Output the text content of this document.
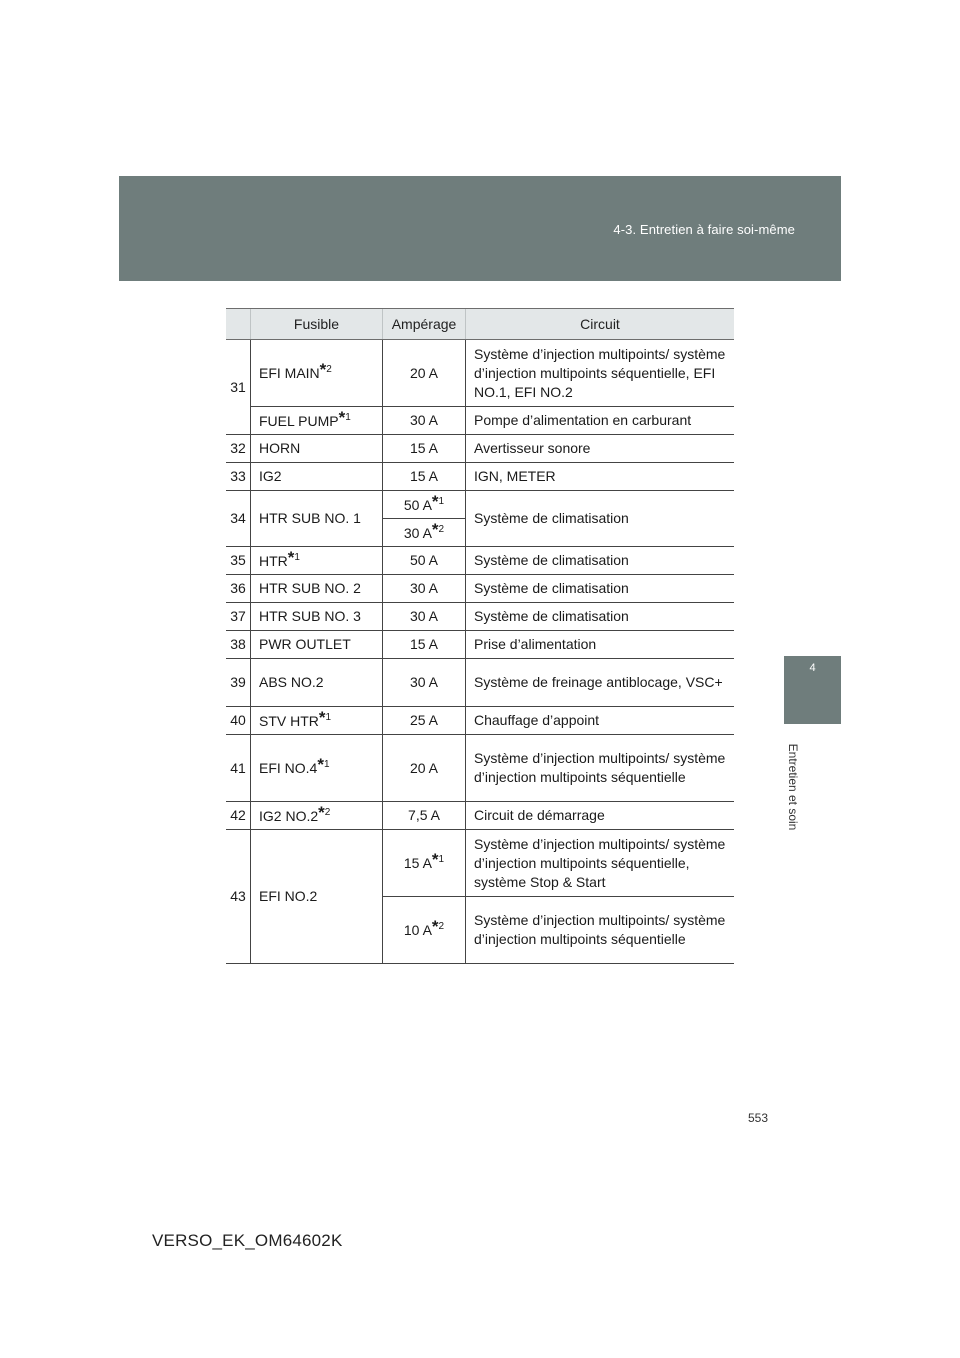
4-3. Entretien à faire soi-même
4
Entretien et soin
	Fusible	Ampérage	Circuit
31	EFI MAIN*$^2$	20 A	Système d’injection multipoints/ système d’injection multipoints séquentielle, EFI NO.1, EFI NO.2
	FUEL PUMP*$^1$	30 A	Pompe d’alimentation en carburant
32	HORN	15 A	Avertisseur sonore
33	IG2	15 A	IGN, METER
34	HTR SUB NO. 1	50 A*$^1$	Système de climatisation
		30 A*$^2$
35	HTR*$^1$	50 A	Système de climatisation
36	HTR SUB NO. 2	30 A	Système de climatisation
37	HTR SUB NO. 3	30 A	Système de climatisation
38	PWR OUTLET	15 A	Prise d’alimentation
39	ABS NO.2	30 A	Système de freinage antiblocage, VSC+
40	STV HTR*$^1$	25 A	Chauffage d’appoint
41	EFI NO.4*$^1$	20 A	Système d’injection multipoints/ système d’injection multipoints séquentielle
42	IG2 NO.2*$^2$	7,5 A	Circuit de démarrage
43	EFI NO.2	15 A*$^1$	Système d’injection multipoints/ système d’injection multipoints séquentielle, système Stop & Start
		10 A*$^2$	Système d’injection multipoints/ système d’injection multipoints séquentielle
553
VERSO_EK_OM64602K
